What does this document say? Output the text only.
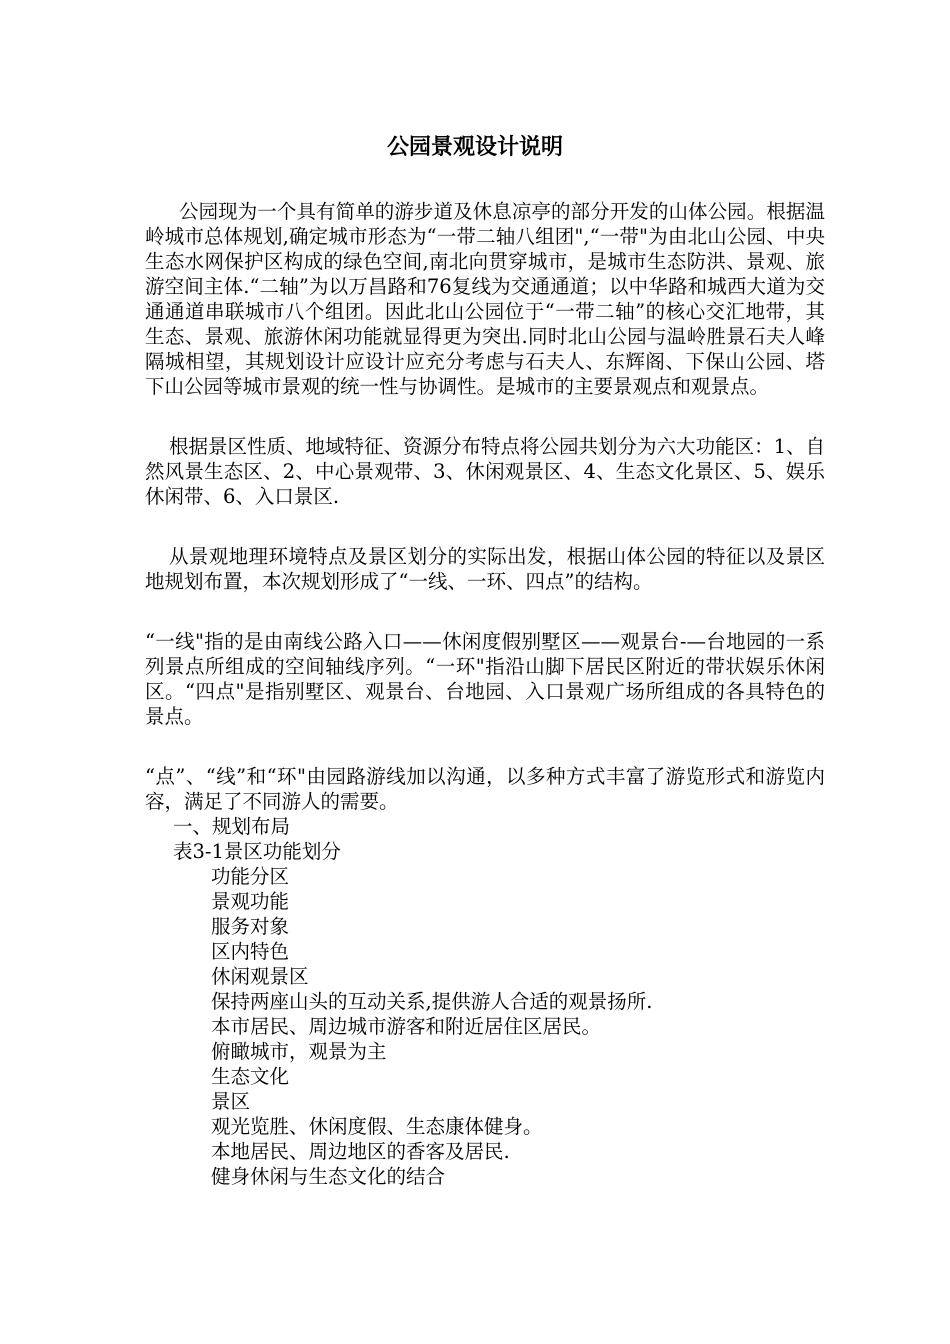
公园景观设计说明

公园现为一个具有简单的游步道及休息凉亭的部分开发的山体公园。根据温岭城市总体规划,确定城市形态为“一带二轴八组团",“一带"为由北山公园、中央生态水网保护区构成的绿色空间,南北向贯穿城市，是城市生态防洪、景观、旅游空间主体.“二轴”为以万昌路和76复线为交通通道；以中华路和城西大道为交通通道串联城市八个组团。因此北山公园位于“一带二轴”的核心交汇地带，其生态、景观、旅游休闲功能就显得更为突出.同时北山公园与温岭胜景石夫人峰隔城相望，其规划设计应设计应充分考虑与石夫人、东辉阁、下保山公园、塔下山公园等城市景观的统一性与协调性。是城市的主要景观点和观景点。

根据景区性质、地域特征、资源分布特点将公园共划分为六大功能区：1、自然风景生态区、2、中心景观带、3、休闲观景区、4、生态文化景区、5、娱乐休闲带、6、入口景区.

从景观地理环境特点及景区划分的实际出发，根据山体公园的特征以及景区地规划布置，本次规划形成了“一线、一环、四点”的结构。

“一线"指的是由南线公路入口——休闲度假别墅区——观景台-—台地园的一系列景点所组成的空间轴线序列。“一环"指沿山脚下居民区附近的带状娱乐休闲区。“四点"是指别墅区、观景台、台地园、入口景观广场所组成的各具特色的景点。

“点”、“线”和“环"由园路游线加以沟通，以多种方式丰富了游览形式和游览内容，满足了不同游人的需要。

一、规划布局

表3-1景区功能划分

功能分区

景观功能

服务对象

区内特色

休闲观景区

保持两座山头的互动关系,提供游人合适的观景扬所.

本市居民、周边城市游客和附近居住区居民。

俯瞰城市，观景为主

生态文化

景区

观光览胜、休闲度假、生态康体健身。

本地居民、周边地区的香客及居民.

健身休闲与生态文化的结合
